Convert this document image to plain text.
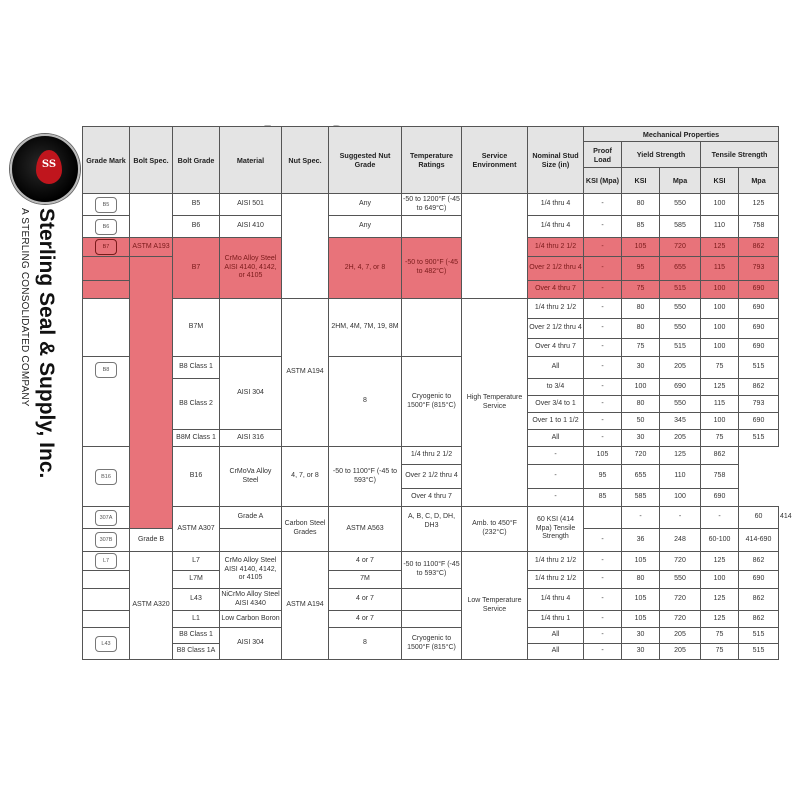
SS
Sterling Seal & Supply, Inc.
A STERLING CONSOLIDATED COMPANY
Grade Mark	Bolt Spec.	Bolt Grade	Material	Nut Spec.	Suggested Nut Grade	Temperature Ratings	Service Environment	Nominal Stud Size (in)	Mechanical Properties					
									Proof Load	Yield Strength		Tensile Strength		
									KSI (Mpa)	KSI	Mpa	KSI	Mpa	
B5		B5	AISI 501		Any	-50 to 1200°F (-45 to 649°C)		1/4 thru 4	-	80	550	100	125	
B6		B6	AISI 410		Any			1/4 thru 4	-	85	585	110	758	
B7	ASTM A193	B7	CrMo Alloy Steel AISI 4140, 4142, or 4105		2H, 4, 7, or 8	-50 to 900°F (-45 to 482°C)		1/4 thru 2 1/2	-	105	720	125	862	
								Over 2 1/2 thru 4	-	95	655	115	793	
								Over 4 thru 7	-	75	515	100	690	
		B7M		ASTM A194	2HM, 4M, 7M, 19, 8M		High Temperature Service	1/4 thru 2 1/2	-	80	550	100	690	
								Over 2 1/2 thru 4	-	80	550	100	690	
								Over 4 thru 7	-	75	515	100	690	
B8		B8 Class 1	AISI 304		8	Cryogenic to 1500°F (815°C)		All	-	30	205	75	515	
		B8 Class 2						to 3/4	-	100	690	125	862	
								Over 3/4 to 1	-	80	550	115	793	
								Over 1 to 1 1/2	-	50	345	100	690	
		B8M Class 1	AISI 316					All	-	30	205	75	515	
B16		B16	CrMoVa Alloy Steel	4, 7, or 8	-50 to 1100°F (-45 to 593°C)	1/4 thru 2 1/2		-	105	720	125	862		
						Over 2 1/2 thru 4		-	95	655	110	758		
						Over 4 thru 7		-	85	585	100	690		
307A		ASTM A307	Grade A	Carbon Steel Grades	ASTM A563	A, B, C, D, DH, DH3	Amb. to 450°F (232°C)	60 KSI (414 Mpa) Tensile Strength		-	-	-	60	414
307B	Grade B								-	36	248	60-100	414-690	
L7	ASTM A320	L7	CrMo Alloy Steel AISI 4140, 4142, or 4105	ASTM A194	4 or 7	-50 to 1100°F (-45 to 593°C)	Low Temperature Service	1/4 thru 2 1/2	-	105	720	125	862	
		L7M			7M			1/4 thru 2 1/2	-	80	550	100	690	
		L43	NiCrMo Alloy Steel AISI 4340		4 or 7			1/4 thru 4	-	105	720	125	862	
		L1	Low Carbon Boron		4 or 7			1/4 thru 1	-	105	720	125	862	
L43		B8 Class 1	AISI 304		8	Cryogenic to 1500°F (815°C)		All	-	30	205	75	515	
		B8 Class 1A						All	-	30	205	75	515	
